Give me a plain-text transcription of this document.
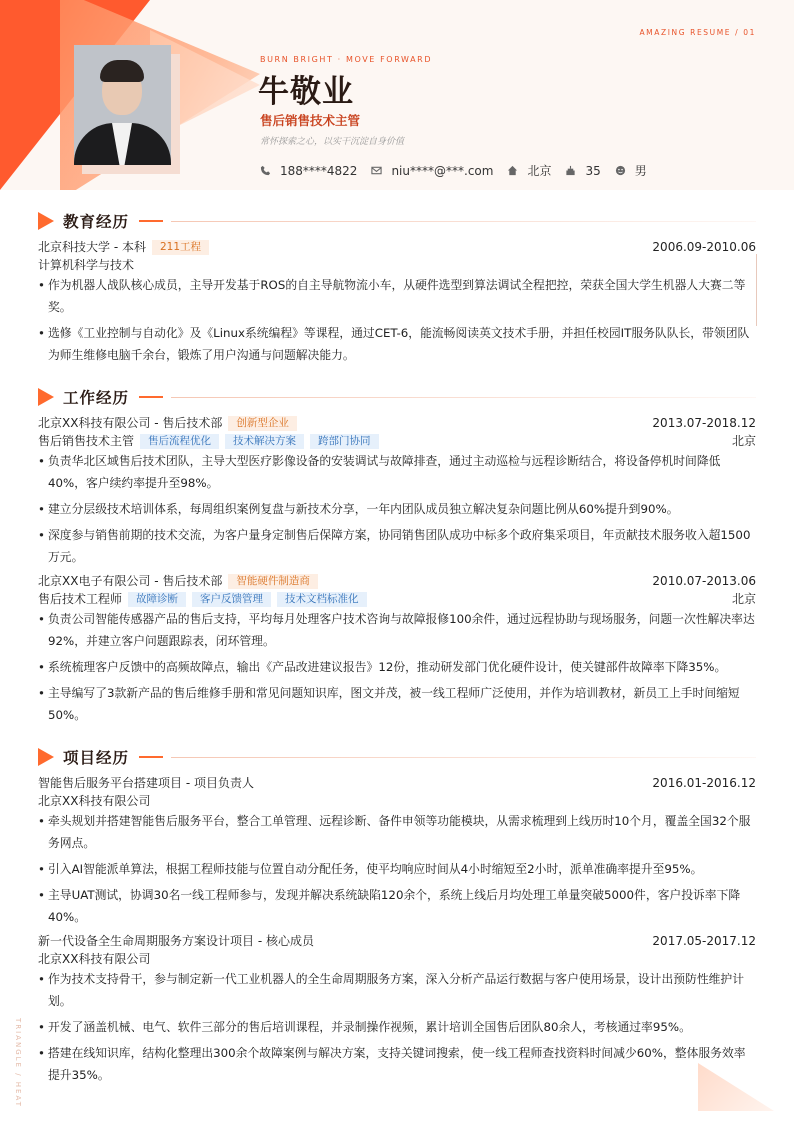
AMAZING RESUME / 01
BURN BRIGHT · MOVE FORWARD
牛敬业
售后销售技术主管
常怀探索之心，以实干沉淀自身价值
188****4822	niu****@***.com	北京	35	男
教育经历
北京科技大学 - 本科	211工程	2006.09-2010.06
计算机科学与技术
• 作为机器人战队核心成员，主导开发基于ROS的自主导航物流小车，从硬件选型到算法调试全程把控，荣获全国大学生机器人大赛二等奖。
• 选修《工业控制与自动化》及《Linux系统编程》等课程，通过CET-6，能流畅阅读英文技术手册，并担任校园IT服务队队长，带领团队为师生维修电脑千余台，锻炼了用户沟通与问题解决能力。
工作经历
北京XX科技有限公司 - 售后技术部	创新型企业	2013.07-2018.12
售后销售技术主管	售后流程优化	技术解决方案	跨部门协同	北京
• 负责华北区域售后技术团队，主导大型医疗影像设备的安装调试与故障排查，通过主动巡检与远程诊断结合，将设备停机时间降低40%，客户续约率提升至98%。
• 建立分层级技术培训体系，每周组织案例复盘与新技术分享，一年内团队成员独立解决复杂问题比例从60%提升到90%。
• 深度参与销售前期的技术交流，为客户量身定制售后保障方案，协同销售团队成功中标多个政府集采项目，年贡献技术服务收入超1500万元。
北京XX电子有限公司 - 售后技术部	智能硬件制造商	2010.07-2013.06
售后技术工程师	故障诊断	客户反馈管理	技术文档标准化	北京
• 负责公司智能传感器产品的售后支持，平均每月处理客户技术咨询与故障报修100余件，通过远程协助与现场服务，问题一次性解决率达92%，并建立客户问题跟踪表，闭环管理。
• 系统梳理客户反馈中的高频故障点，输出《产品改进建议报告》12份，推动研发部门优化硬件设计，使关键部件故障率下降35%。
• 主导编写了3款新产品的售后维修手册和常见问题知识库，图文并茂，被一线工程师广泛使用，并作为培训教材，新员工上手时间缩短50%。
项目经历
智能售后服务平台搭建项目 - 项目负责人	2016.01-2016.12
北京XX科技有限公司
• 牵头规划并搭建智能售后服务平台，整合工单管理、远程诊断、备件申领等功能模块，从需求梳理到上线历时10个月，覆盖全国32个服务网点。
• 引入AI智能派单算法，根据工程师技能与位置自动分配任务，使平均响应时间从4小时缩短至2小时，派单准确率提升至95%。
• 主导UAT测试，协调30名一线工程师参与，发现并解决系统缺陷120余个，系统上线后月均处理工单量突破5000件，客户投诉率下降40%。
新一代设备全生命周期服务方案设计项目 - 核心成员	2017.05-2017.12
北京XX科技有限公司
• 作为技术支持骨干，参与制定新一代工业机器人的全生命周期服务方案，深入分析产品运行数据与客户使用场景，设计出预防性维护计划。
• 开发了涵盖机械、电气、软件三部分的售后培训课程，并录制操作视频，累计培训全国售后团队80余人，考核通过率95%。
• 搭建在线知识库，结构化整理出300余个故障案例与解决方案，支持关键词搜索，使一线工程师查找资料时间减少60%，整体服务效率提升35%。
TRIANGLE / HEAT
